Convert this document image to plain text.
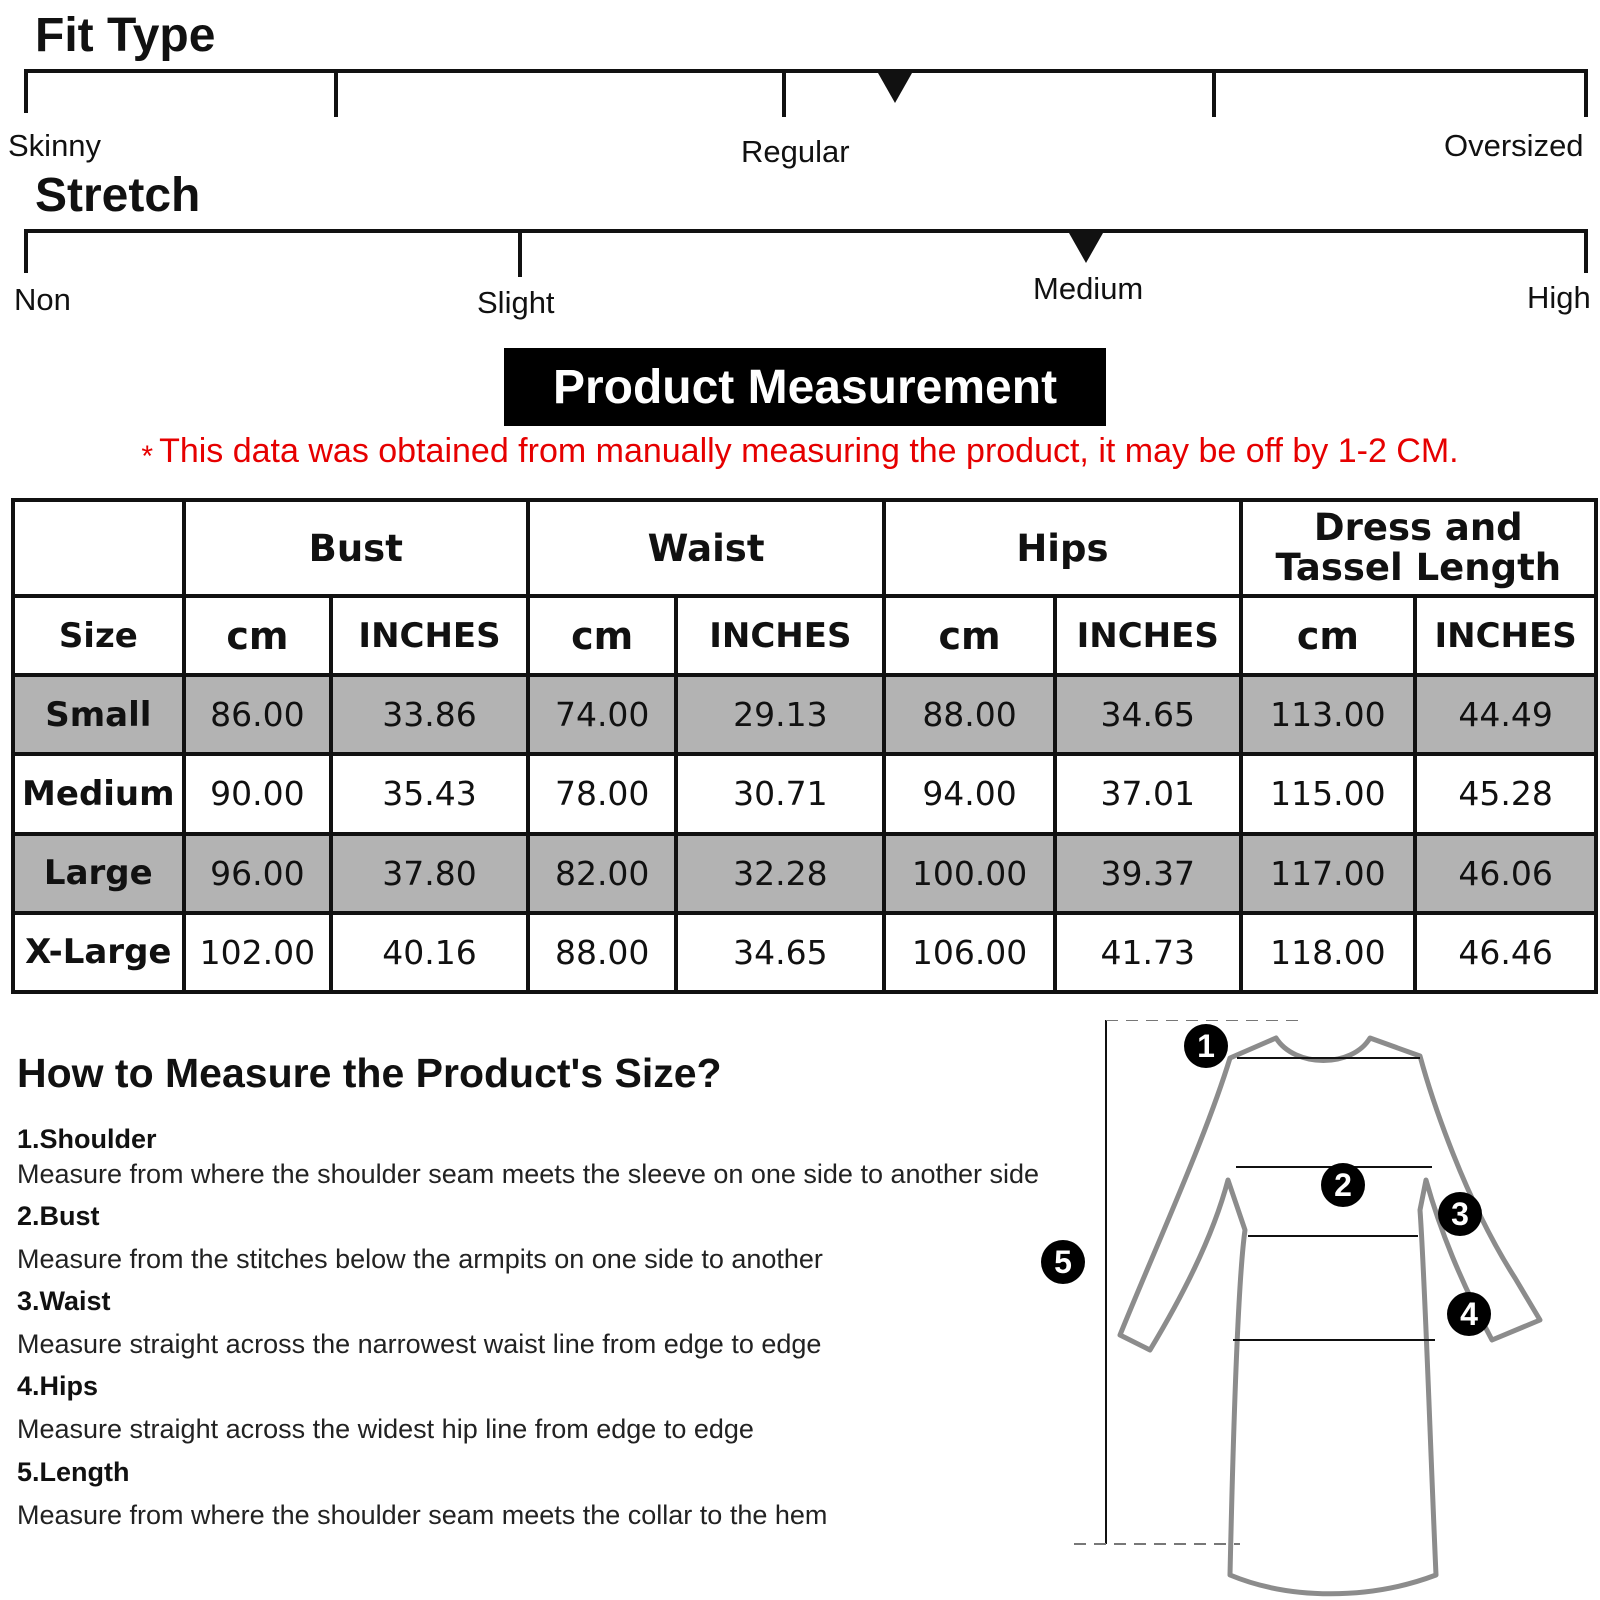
Fit Type
Skinny	Regular	Oversized
Stretch
Non	Slight	Medium	High
Product Measurement
* This data was obtained from manually measuring the product, it may be off by 1-2 CM.
	Bust		Waist		Hips		Dress and
Tassel Length	
Size	cm	INCHES	cm	INCHES	cm	INCHES	cm	INCHES
Small	86.00	33.86	74.00	29.13	88.00	34.65	113.00	44.49
Medium	90.00	35.43	78.00	30.71	94.00	37.01	115.00	45.28
Large	96.00	37.80	82.00	32.28	100.00	39.37	117.00	46.06
X-Large	102.00	40.16	88.00	34.65	106.00	41.73	118.00	46.46
How to Measure the Product's Size?
1.Shoulder
Measure from where the shoulder seam meets the sleeve on one side to another side
2.Bust
Measure from the stitches below the armpits on one side to another
3.Waist
Measure straight across the narrowest waist line from edge to edge
4.Hips
Measure straight across the widest hip line from edge to edge
5.Length
Measure from where the shoulder seam meets the collar to the hem
1
2
3
4
5
